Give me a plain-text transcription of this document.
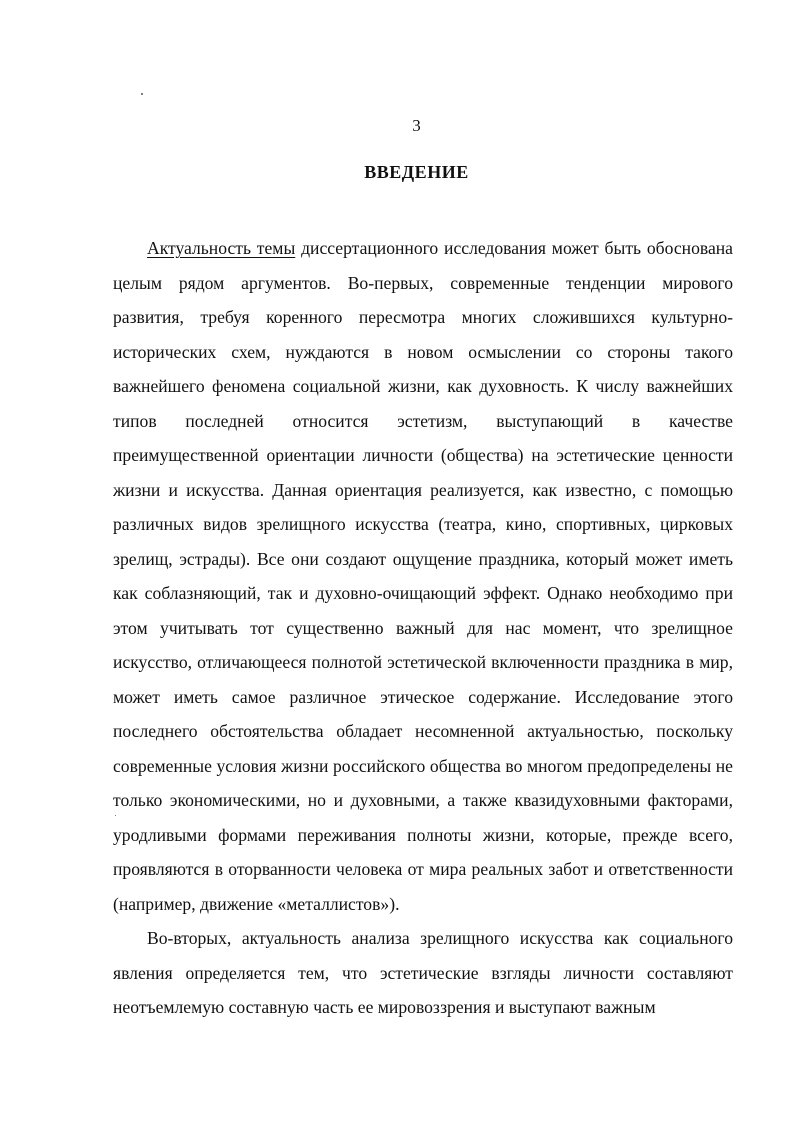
3
ВВЕДЕНИЕ

Актуальность темы диссертационного исследования может быть обоснована целым рядом аргументов. Во-первых, современные тенденции мирового развития, требуя коренного пересмотра многих сложившихся культурно-исторических схем, нуждаются в новом осмыслении со стороны такого важнейшего феномена социальной жизни, как духовность. К числу важнейших типов последней относится эстетизм, выступающий в качестве преимущественной ориентации личности (общества) на эстетические ценности жизни и искусства. Данная ориентация реализуется, как известно, с помощью различных видов зрелищного искусства (театра, кино, спортивных, цирковых зрелищ, эстрады). Все они создают ощущение праздника, который может иметь как соблазняющий, так и духовно-очищающий эффект. Однако необходимо при этом учитывать тот существенно важный для нас момент, что зрелищное искусство, отличающееся полнотой эстетической включенности праздника в мир, может иметь самое различное этическое содержание. Исследование этого последнего обстоятельства обладает несомненной актуальностью, поскольку современные условия жизни российского общества во многом предопределены не только экономическими, но и духовными, а также квазидуховными факторами, уродливыми формами переживания полноты жизни, которые, прежде всего, проявляются в оторванности человека от мира реальных забот и ответственности (например, движение «металлистов»).

Во-вторых, актуальность анализа зрелищного искусства как социального явления определяется тем, что эстетические взгляды личности составляют неотъемлемую составную часть ее мировоззрения и выступают важным
